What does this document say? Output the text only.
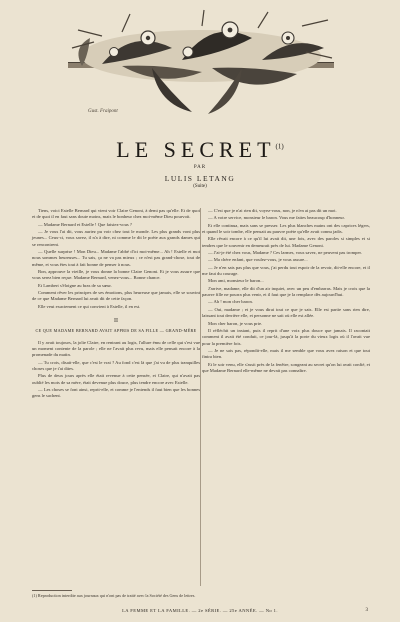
Gust. Fraipont
LE SECRET$^{(1)}$
PAR
LULIS LETANG
(Suite)

Tiens, voici Estelle Bernard qui vient voir Claire Genoni, à demi pas qu'elle. Et de quoi et de quoi il en faut sans doute moins, mais le bonheur chez moi-même Dieu pourvoit.

— Madame Bernard et Estelle ! Que faisiez-vous ?

— Je vous l'ai dit, vous auriez pu voir chez tout le monde. Les plus grands vont plus jeunes... Ceux-ci, vous savez, il n'a à dire, ni comme le dit le poète aux grands dames qui se rencontrent.

— Quelle surprise ! Mon Dieu... Madame l'abbé d'ici moi-même... Ah ! Estelle et moi nous sommes heureuses... Tu sais, ça ne va pas mieux ; ce n'est pas grand-chose, tout de même, et vous êtes tout à fait bonne de penser à nous.

Bon, approuve la vieille, je vous donne la bonne Claire Genoni. Et je vous assure que vous serez bien reçue. Madame Bernard, venez-vous... Bonne chance.

Et Lambert s'éloigne au bras de sa sœur.

Comment rêver les principes de ses émotions, plus heureuse que jamais, elle se souvint de ce que Madame Bernard lui avait dit de cette façon.

Elle veut exactement ce qui convient à Estelle, il en est.

II
CE QUE MADAME BERNARD AVAIT APPRIS DE SA FILLE — GRAND-MÈRE

Il y avait toujours, la jolie Claire, en rentrant au logis, l'allure ému de celle qui s'est vue un moment contente de la parole ; elle ne l'avait plus revu, mais elle pensait encore à la promenade du matin.

— Tu crois, disait-elle, que c'est le vrai ? Au fond c'est là que j'ai vu de plus tranquilles choses que je t'ai dites.

Plus de deux jours après elle était revenue à cette pensée, et Claire, qui n'avait pas oublié les mots de sa mère, était devenue plus douce, plus tendre encore avec Estelle.

— Les choses se font ainsi, reprit-elle, et comme je l'entends il faut bien que les bonnes gens le sachent.

— C'est que je n'ai rien dit, voyez-vous, non, je n'en ai pas dit un mot.

— A votre service, monsieur le baron. Vous me faites beaucoup d'honneur.

Et elle continua, mais sans se presser. Les plus blanches mains ont des caprices légers, et quand le soir tombe, elle pensait au pauvre poète qu'elle avait connu jadis.

Elle rêvait encore à ce qu'il lui avait dit, une fois, avec des paroles si simples et si tendres que le souvenir en demeurait près de lui. Madame Genoni.

— J'ai-je été chez vous, Madame ? Ces larmes, vous savez, ne peuvent pas tromper.

— Ma chère enfant, que voulez-vous, je vous assure...

— Je n'en sais pas plus que vous, j'ai perdu tout espoir de la revoir, dit-elle encore, et il me faut du courage.

Mon ami, monsieur le baron...

J'arrive, madame, elle dit d'un air inquiet, avec un peu d'embarras. Mais je crois que la pauvre fille ne pourra plus venir, et il faut que je la remplace dès aujourd'hui.

— Ah ! mon cher baron.

— Oui, madame ; et je vous dirai tout ce que je sais. Elle est partie sans rien dire, laissant tout derrière elle, et personne ne sait où elle est allée.

Mon cher baron, je vous prie.

Il réfléchit un instant, puis il reprit d'une voix plus douce que jamais. Il racontait comment il avait été conduit, ce jour-là, jusqu'à la porte du vieux logis où il l'avait vue pour la première fois.

— Je ne sais pas, répondit-elle, mais il me semble que vous avez raison et que tout finira bien.

Et le soir venu, elle s'assit près de la fenêtre, songeant au secret qu'on lui avait confié, et que Madame Bernard elle-même ne devait pas connaître.

(1) Reproduction interdite aux journaux qui n'ont pas de traité avec la Société des Gens de lettres.
LA FEMME ET LA FAMILLE. — 2e SÉRIE. — 25e ANNÉE. — No 1.	3
